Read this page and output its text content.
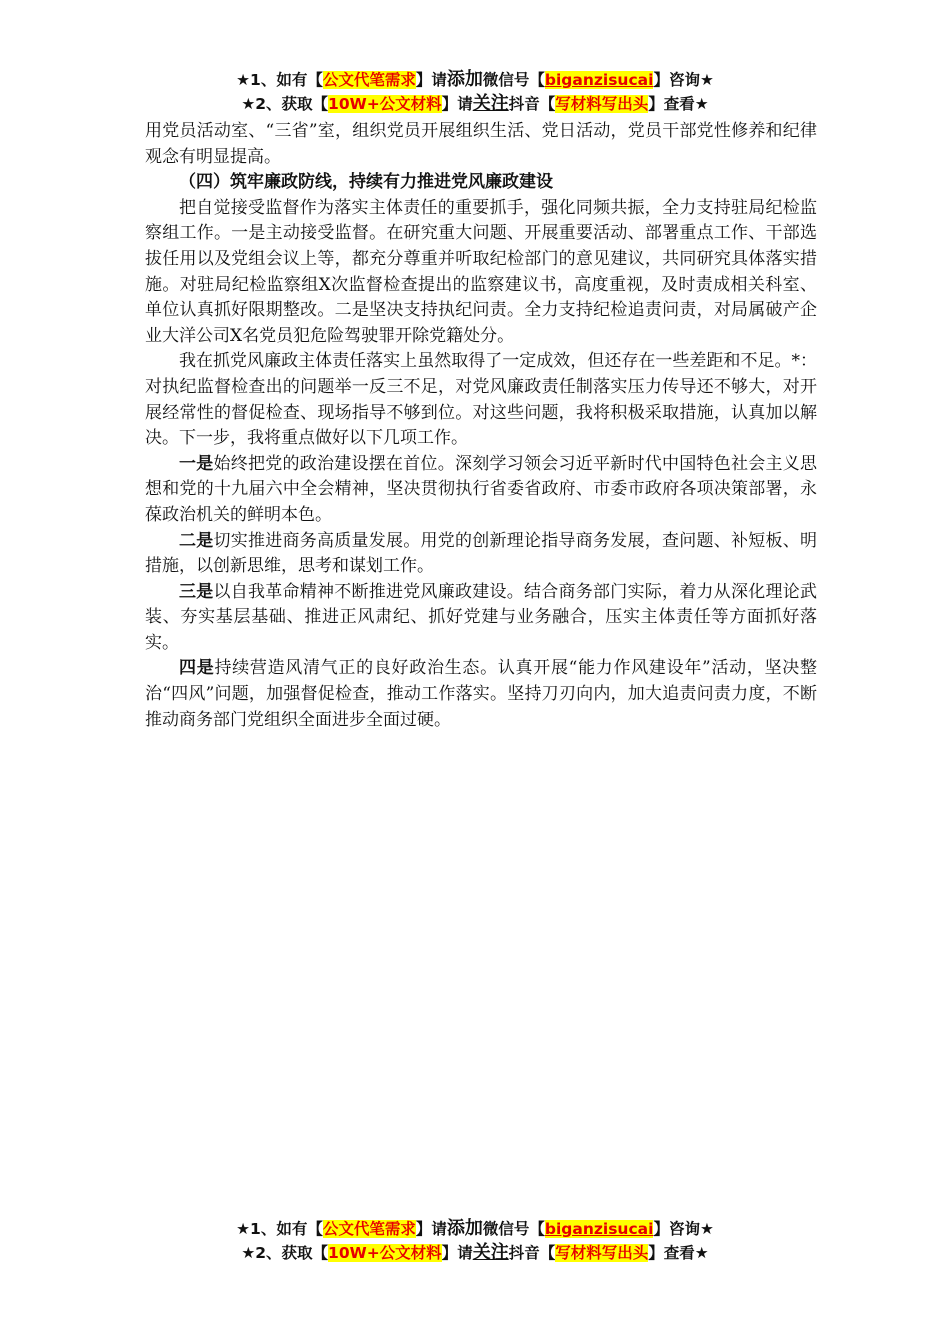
★1、如有【公文代笔需求】请添加微信号【biganzisucai】咨询★
★2、获取【10W+公文材料】请关注抖音【写材料写出头】查看★

用党员活动室、“三省”室，组织党员开展组织生活、党日活动，党员干部党性修养和纪律观念有明显提高。

（四）筑牢廉政防线，持续有力推进党风廉政建设

把自觉接受监督作为落实主体责任的重要抓手，强化同频共振，全力支持驻局纪检监察组工作。一是主动接受监督。在研究重大问题、开展重要活动、部署重点工作、干部选拔任用以及党组会议上等，都充分尊重并听取纪检部门的意见建议，共同研究具体落实措施。对驻局纪检监察组X次监督检查提出的监察建议书，高度重视，及时责成相关科室、单位认真抓好限期整改。二是坚决支持执纪问责。全力支持纪检追责问责，对局属破产企业大洋公司X名党员犯危险驾驶罪开除党籍处分。

我在抓党风廉政主体责任落实上虽然取得了一定成效，但还存在一些差距和不足。*：对执纪监督检查出的问题举一反三不足，对党风廉政责任制落实压力传导还不够大，对开展经常性的督促检查、现场指导不够到位。对这些问题，我将积极采取措施，认真加以解决。下一步，我将重点做好以下几项工作。

一是始终把党的政治建设摆在首位。深刻学习领会习近平新时代中国特色社会主义思想和党的十九届六中全会精神，坚决贯彻执行省委省政府、市委市政府各项决策部署，永葆政治机关的鲜明本色。

二是切实推进商务高质量发展。用党的创新理论指导商务发展，查问题、补短板、明措施，以创新思维，思考和谋划工作。

三是以自我革命精神不断推进党风廉政建设。结合商务部门实际，着力从深化理论武装、夯实基层基础、推进正风肃纪、抓好党建与业务融合，压实主体责任等方面抓好落实。

四是持续营造风清气正的良好政治生态。认真开展“能力作风建设年”活动，坚决整治“四风”问题，加强督促检查，推动工作落实。坚持刀刃向内，加大追责问责力度，不断推动商务部门党组织全面进步全面过硬。

★1、如有【公文代笔需求】请添加微信号【biganzisucai】咨询★
★2、获取【10W+公文材料】请关注抖音【写材料写出头】查看★
